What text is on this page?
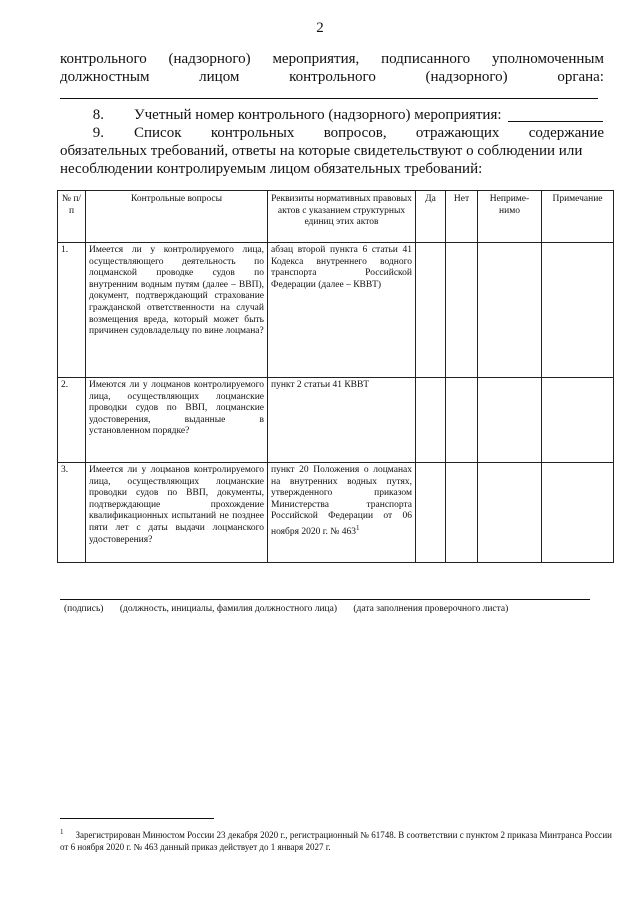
2
контрольного (надзорного) мероприятия, подписанного уполномоченным
должностным	лицом	контрольного	(надзорного)	органа:
8. Учетный номер контрольного (надзорного) мероприятия:
9. Список контрольных вопросов, отражающих содержание
обязательных требований, ответы на которые свидетельствуют о соблюдении или
несоблюдении контролируемым лицом обязательных требований:
№ п/п	Контрольные вопросы	Реквизиты нормативных правовых актов с указанием структурных единиц этих актов	Да	Нет	Неприме- нимо	Примечание
1.	Имеется ли у контролируемого лица, осуществляющего деятельность по лоцманской проводке судов по внутренним водным путям (далее – ВВП), документ, подтверждающий страхование гражданской ответственности на случай возмещения вреда, который может быть причинен судовладельцу по вине лоцмана?	абзац второй пункта 6 статьи 41 Кодекса внутреннего водного транспорта Российской Федерации (далее – КВВТ)				
2.	Имеются ли у лоцманов контролируемого лица, осуществляющих лоцманские проводки судов по ВВП, лоцманские удостоверения, выданные в установленном порядке?	пункт 2 статьи 41 КВВТ				
3.	Имеется ли у лоцманов контролируемого лица, осуществляющих лоцманские проводки судов по ВВП, документы, подтверждающие прохождение квалификационных испытаний не позднее пяти лет с даты выдачи лоцманского удостоверения?	пункт 20 Положения о лоцманах на внутренних водных путях, утвержденного приказом Министерства транспорта Российской Федерации от 06 ноября 2020 г. № $463^1$				
(подпись) (должность, инициалы, фамилия должностного лица) (дата заполнения проверочного листа)
$^1$ Зарегистрирован Минюстом России 23 декабря 2020 г., регистрационный № 61748. В соответствии с пунктом 2 приказа Минтранса России от 6 ноября 2020 г. № 463 данный приказ действует до 1 января 2027 г.
